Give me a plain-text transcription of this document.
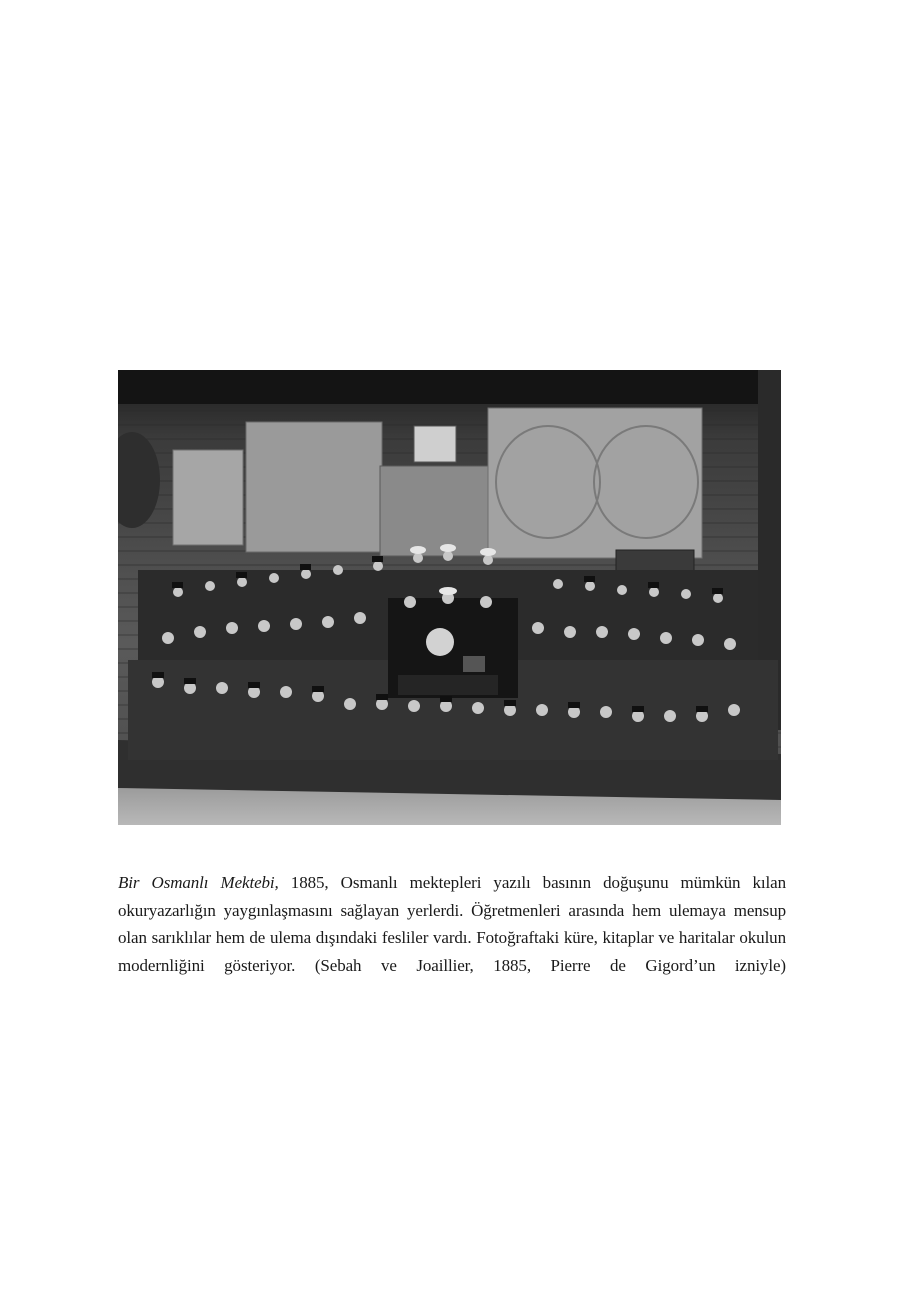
Bir Osmanlı Mektebi, 1885, Osmanlı mektepleri yazılı basının doğuşunu mümkün kılan okuryazarlığın yaygınlaşmasını sağlayan yerlerdi. Öğretmenleri arasında hem ulemaya mensup olan sarıklılar hem de ulema dışındaki fesliler vardı. Fotoğraftaki küre, kitaplar ve haritalar okulun modernliğini gösteriyor. (Sebah ve Joaillier, 1885, Pierre de Gigord’un izniyle)
